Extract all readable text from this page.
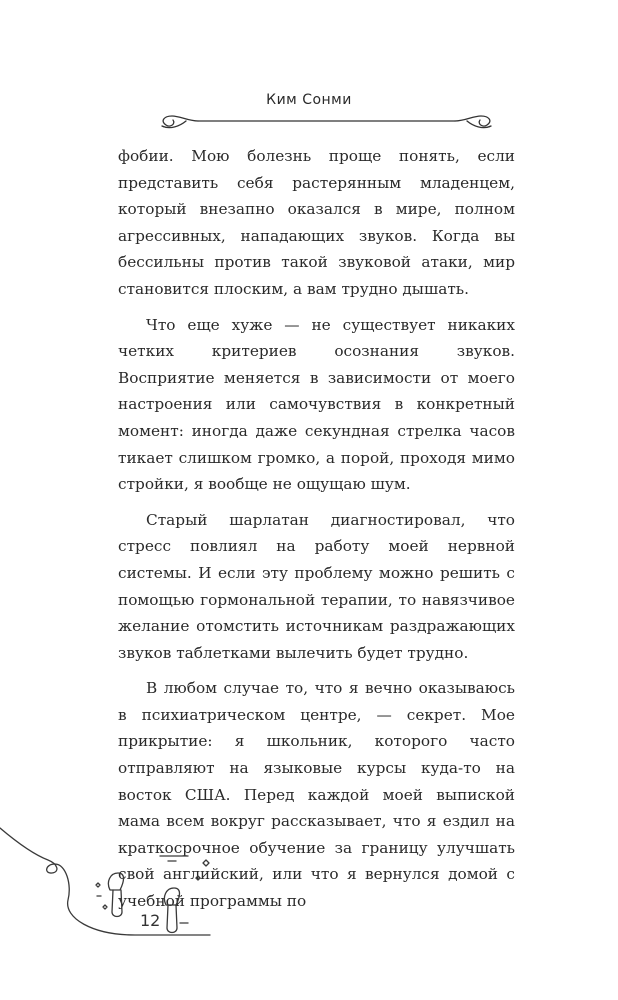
Ким Сонми

фобии. Мою болезнь проще понять, если представить себя растерянным младенцем, который внезапно оказался в мире, полном агрессивных, нападающих звуков. Когда вы бессильны против такой звуковой атаки, мир становится плоским, а вам трудно дышать.

Что еще хуже — не существует никаких четких критериев осознания звуков. Восприятие меняется в зависимости от моего настроения или самочувствия в конкретный момент: иногда даже секундная стрелка часов тикает слишком громко, а порой, проходя мимо стройки, я вообще не ощущаю шум.

Старый шарлатан диагностировал, что стресс повлиял на работу моей нервной системы. И если эту проблему можно решить с помощью гормональной терапии, то навязчивое желание отомстить источникам раздражающих звуков таблетками вылечить будет трудно.

В любом случае то, что я вечно оказываюсь в психиатрическом центре, — секрет. Мое прикрытие: я школьник, которого часто отправляют на языковые курсы куда-то на восток США. Перед каждой моей выпиской мама всем вокруг рассказывает, что я ездил на краткосрочное обучение за границу улучшать свой английский, или что я вернулся домой с учебной программы по

12
